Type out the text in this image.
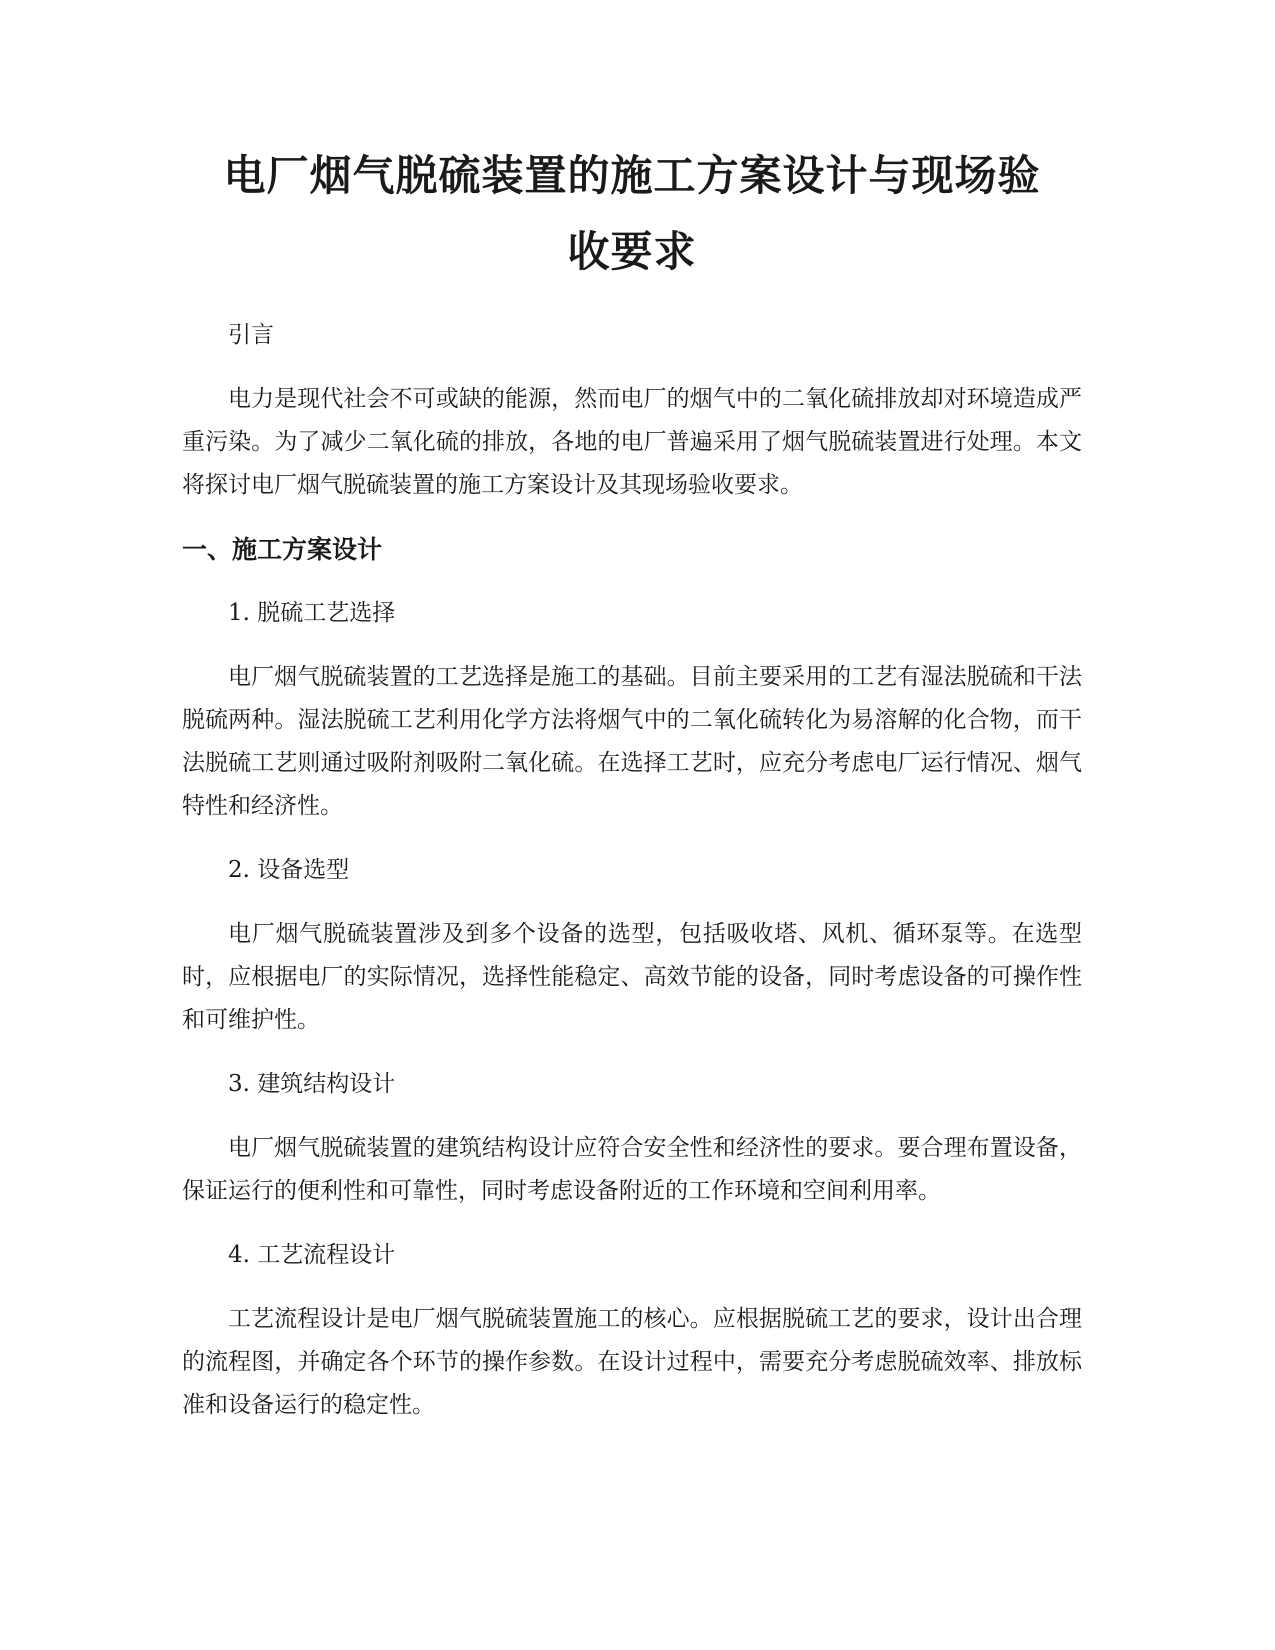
电厂烟气脱硫装置的施工方案设计与现场验
收要求

引言

电力是现代社会不可或缺的能源，然而电厂的烟气中的二氧化硫排放却对环境造成严重污染。为了减少二氧化硫的排放，各地的电厂普遍采用了烟气脱硫装置进行处理。本文将探讨电厂烟气脱硫装置的施工方案设计及其现场验收要求。

一、施工方案设计

1. 脱硫工艺选择

电厂烟气脱硫装置的工艺选择是施工的基础。目前主要采用的工艺有湿法脱硫和干法脱硫两种。湿法脱硫工艺利用化学方法将烟气中的二氧化硫转化为易溶解的化合物，而干法脱硫工艺则通过吸附剂吸附二氧化硫。在选择工艺时，应充分考虑电厂运行情况、烟气特性和经济性。

2. 设备选型

电厂烟气脱硫装置涉及到多个设备的选型，包括吸收塔、风机、循环泵等。在选型时，应根据电厂的实际情况，选择性能稳定、高效节能的设备，同时考虑设备的可操作性和可维护性。

3. 建筑结构设计

电厂烟气脱硫装置的建筑结构设计应符合安全性和经济性的要求。要合理布置设备，保证运行的便利性和可靠性，同时考虑设备附近的工作环境和空间利用率。

4. 工艺流程设计

工艺流程设计是电厂烟气脱硫装置施工的核心。应根据脱硫工艺的要求，设计出合理的流程图，并确定各个环节的操作参数。在设计过程中，需要充分考虑脱硫效率、排放标准和设备运行的稳定性。
